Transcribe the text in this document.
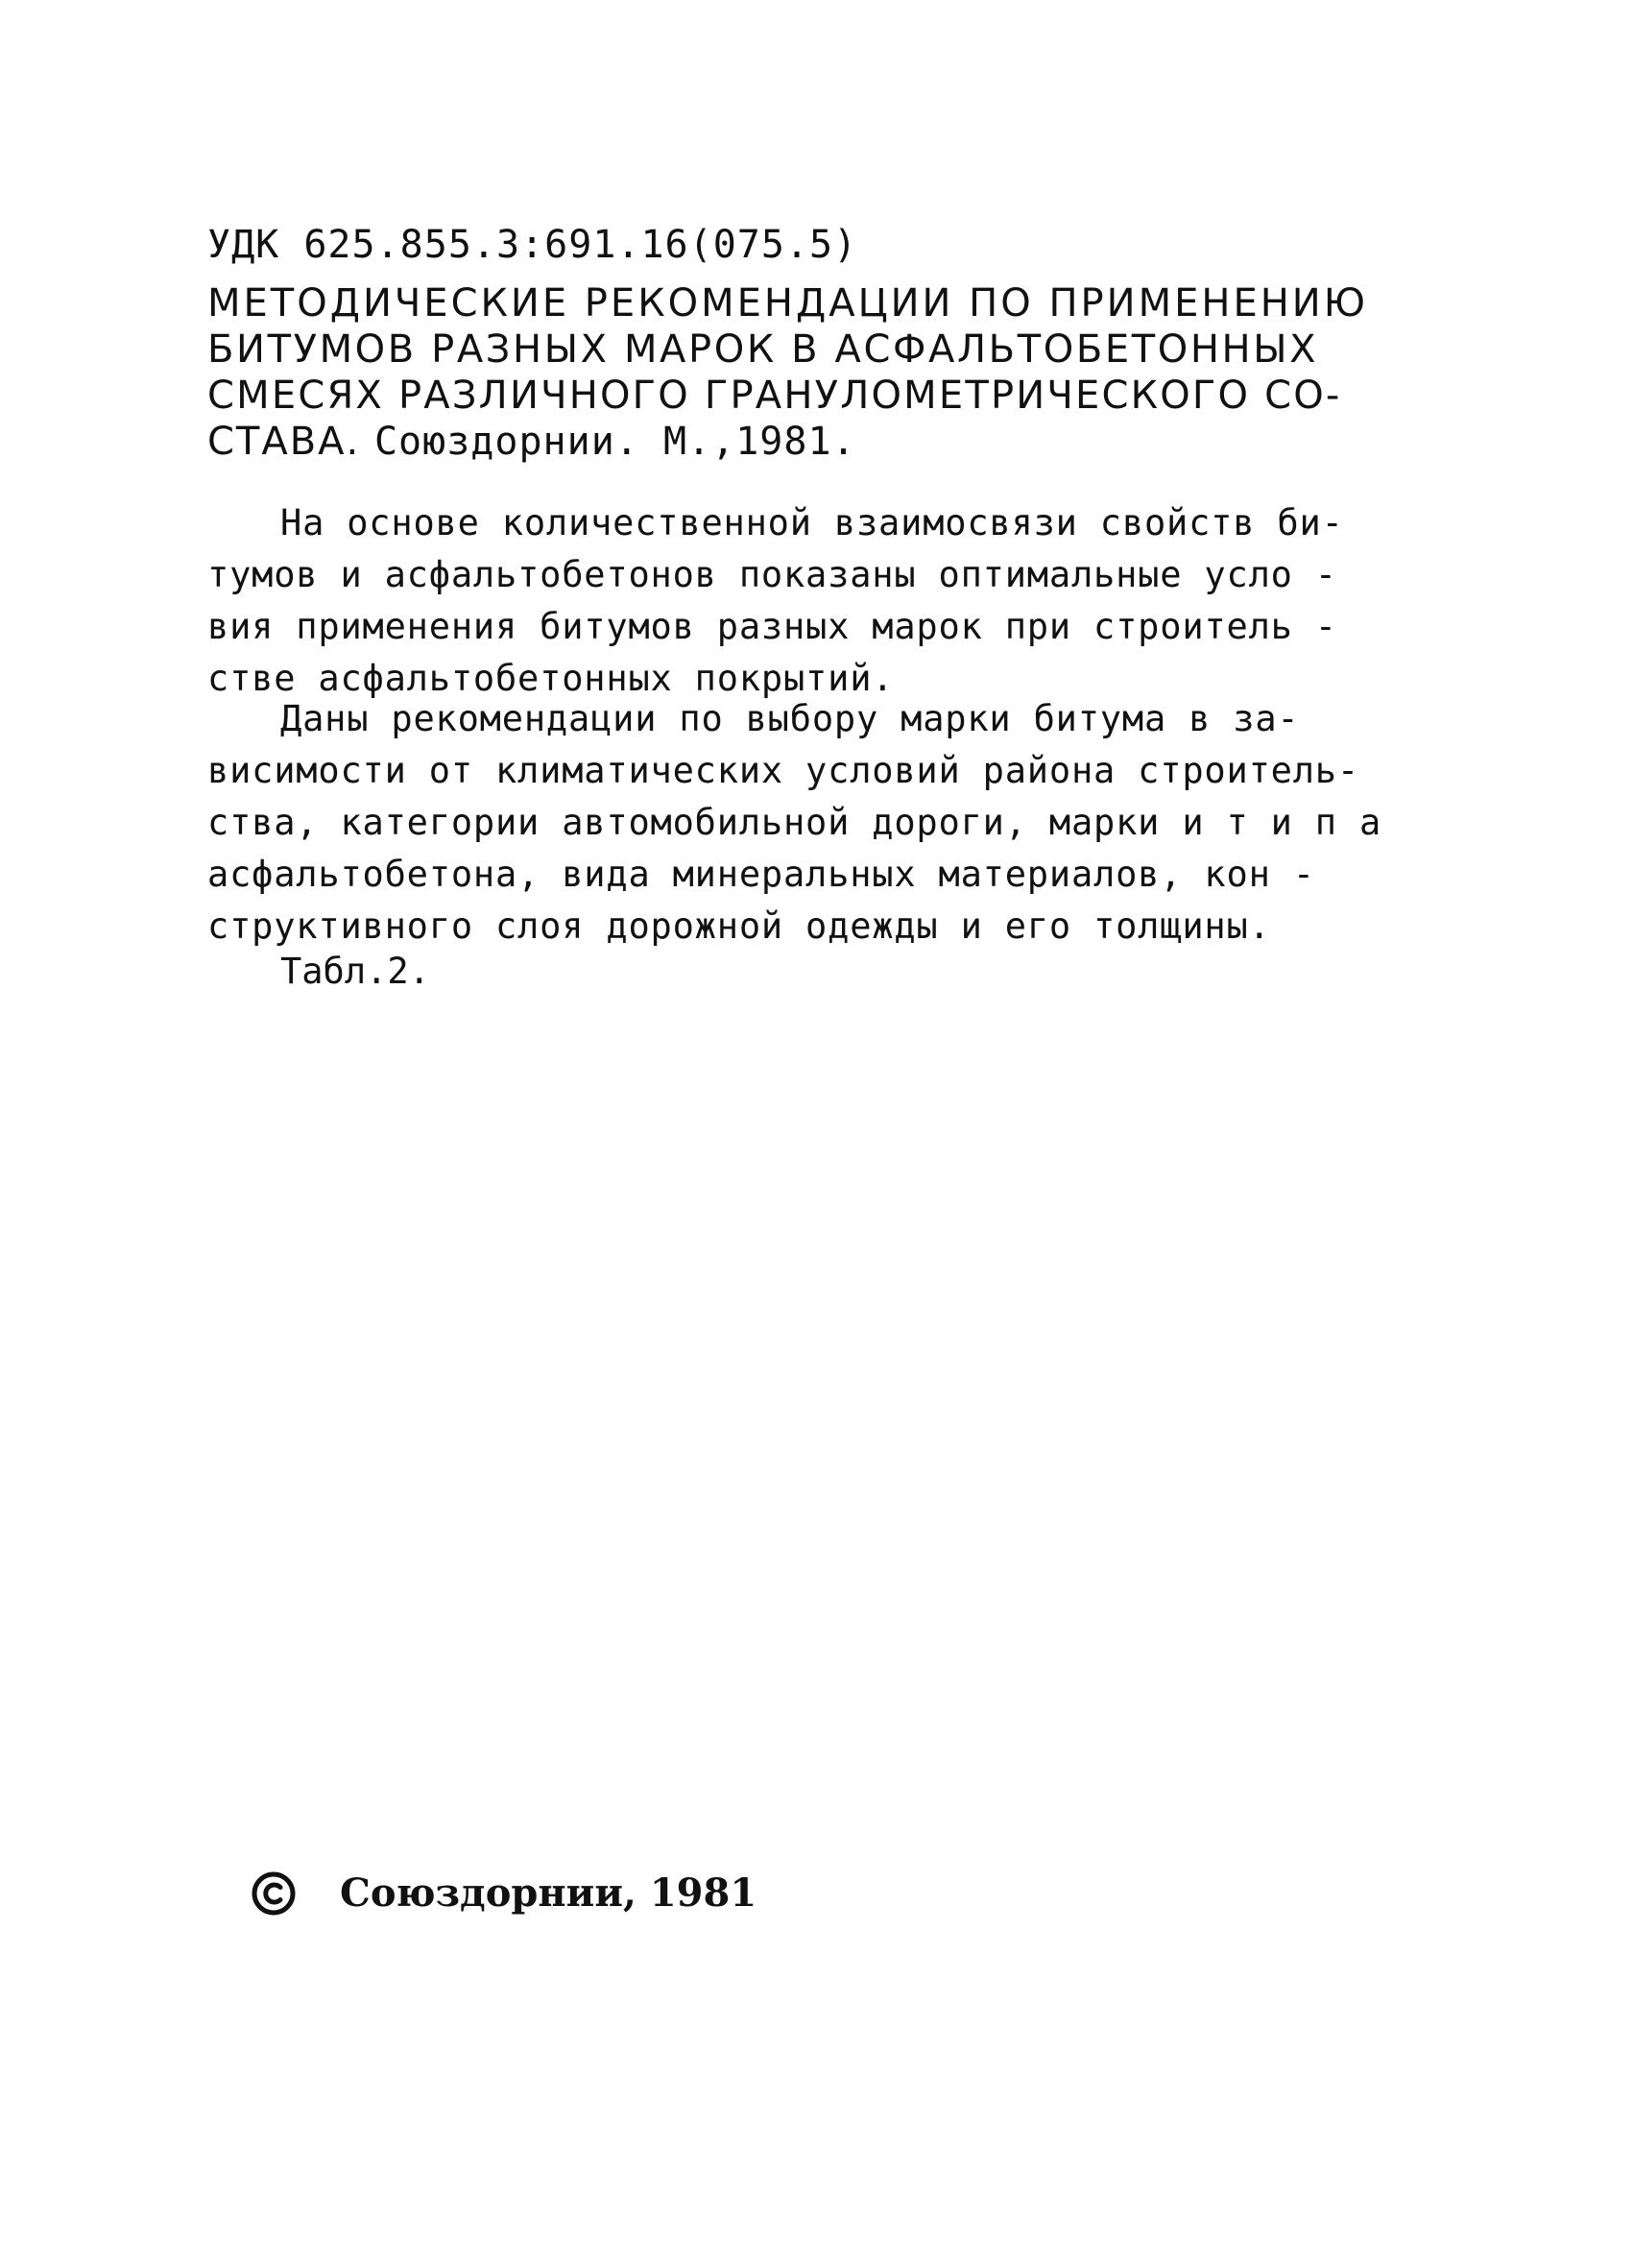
УДК 625.855.3:691.16(075.5)
МЕТОДИЧЕСКИЕ РЕКОМЕНДАЦИИ ПО ПРИМЕНЕНИЮ
БИТУМОВ РАЗНЫХ МАРОК В АСФАЛЬТОБЕТОННЫХ
СМЕСЯХ РАЗЛИЧНОГО ГРАНУЛОМЕТРИЧЕСКОГО СО-
СТАВА. Союздорнии. М.,1981.
На основе количественной взаимосвязи свойств би-
тумов и асфальтобетонов показаны оптимальные усло -
вия применения битумов разных марок при строитель -
стве асфальтобетонных покрытий.
Даны рекомендации по выбору марки битума в за-
висимости от климатических условий района строитель-
ства, категории автомобильной дороги, марки и т и п а
асфальтобетона, вида минеральных материалов, кон -
структивного слоя дорожной одежды и его толщины.
Табл.2.
Союздорнии, 1981
